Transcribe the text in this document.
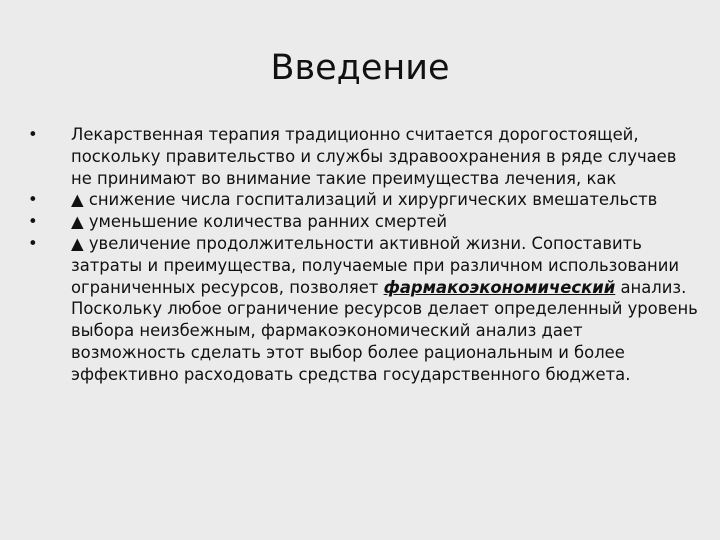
Введение
• Лекарственная терапия традиционно считается дорогостоящей, поскольку правительство и службы здравоохранения в ряде случаев не принимают во внимание такие преимущества лечения, как
• ▲ снижение числа госпитализаций и хирургических вмешательств
• ▲ уменьшение количества ранних смертей
• ▲ увеличение продолжительности активной жизни. Сопоставить затраты и преимущества, получаемые при различном использовании ограниченных ресурсов, позволяет фармакоэкономический анализ. Поскольку любое ограничение ресурсов делает определенный уровень выбора неизбежным, фармакоэкономический анализ дает возможность сделать этот выбор более рациональным и более эффективно расходовать средства государственного бюджета.
